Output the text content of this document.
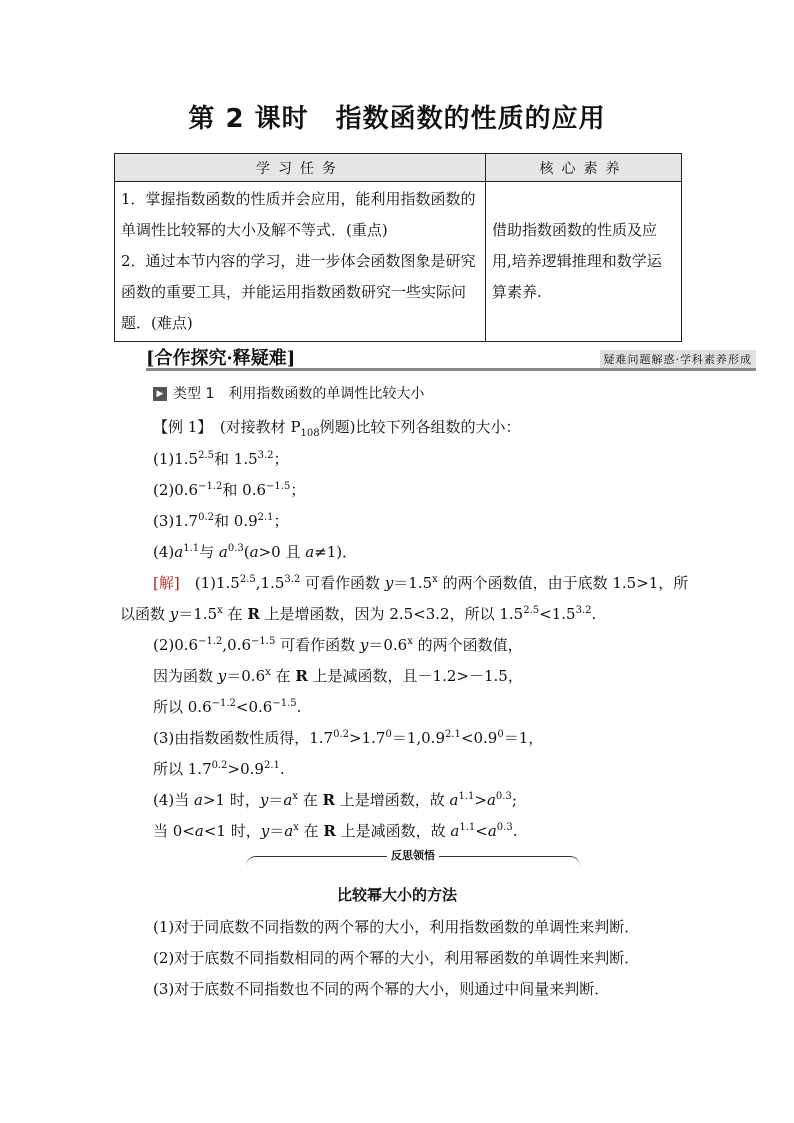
第 2 课时　指数函数的性质的应用
学习任务	核心素养

1．掌握指数函数的性质并会应用，能利用指数函数的单调性比较幂的大小及解不等式．(重点)
2．通过本节内容的学习，进一步体会函数图象是研究函数的重要工具，并能运用指数函数研究一些实际问题．(难点)	借助指数函数的性质及应用,培养逻辑推理和数学运算素养.
[合作探究·释疑难]	疑难问题解惑·学科素养形成
▶ 类型 1　利用指数函数的单调性比较大小
【例 1】　 (对接教材 $P_{108}$例题)比较下列各组数的大小：
$(1)1.5^{2.5}$和 $1.5^{3.2}$；
$(2)0.6^{-1.2}$和 $0.6^{-1.5}$；
$(3)1.7^{0.2}$和 $0.9^{2.1}$；
$(4)a^{1.1}$与 $a^{0.3}(a>0$ 且 a≠1)．
[解]　$(1)1.5^{2.5},1.5^{3.2}$ 可看作函数 $y=1.5^x$ 的两个函数值，由于底数 1.5>1，所
以函数 $y=1.5^x$ 在 R 上是增函数，因为 2.5<3.2，所以 $1.5^{2.5}<1.5^{3.2}$.
$(2)0.6^{-1.2},0.6^{-1.5}$ 可看作函数 $y=0.6^x$ 的两个函数值，
因为函数 $y=0.6^x$ 在 R 上是减函数，且－1.2>－1.5，
所以 $0.6^{-1.2}<0.6^{-1.5}$.
(3)由指数函数性质得，$1.7^{0.2}>1.7^0=1,0.9^{2.1}<0.9^0=1$，
所以 $1.7^{0.2}>0.9^{2.1}$.
(4)当 a>1 时，$y=a^x$ 在 R 上是增函数，故 $a^{1.1}>a^{0.3}$;
当 0<a<1 时，$y=a^x$ 在 R 上是减函数，故 $a^{1.1}<a^{0.3}$.
反思领悟
比较幂大小的方法
(1)对于同底数不同指数的两个幂的大小，利用指数函数的单调性来判断．
(2)对于底数不同指数相同的两个幂的大小，利用幂函数的单调性来判断．
(3)对于底数不同指数也不同的两个幂的大小，则通过中间量来判断．
